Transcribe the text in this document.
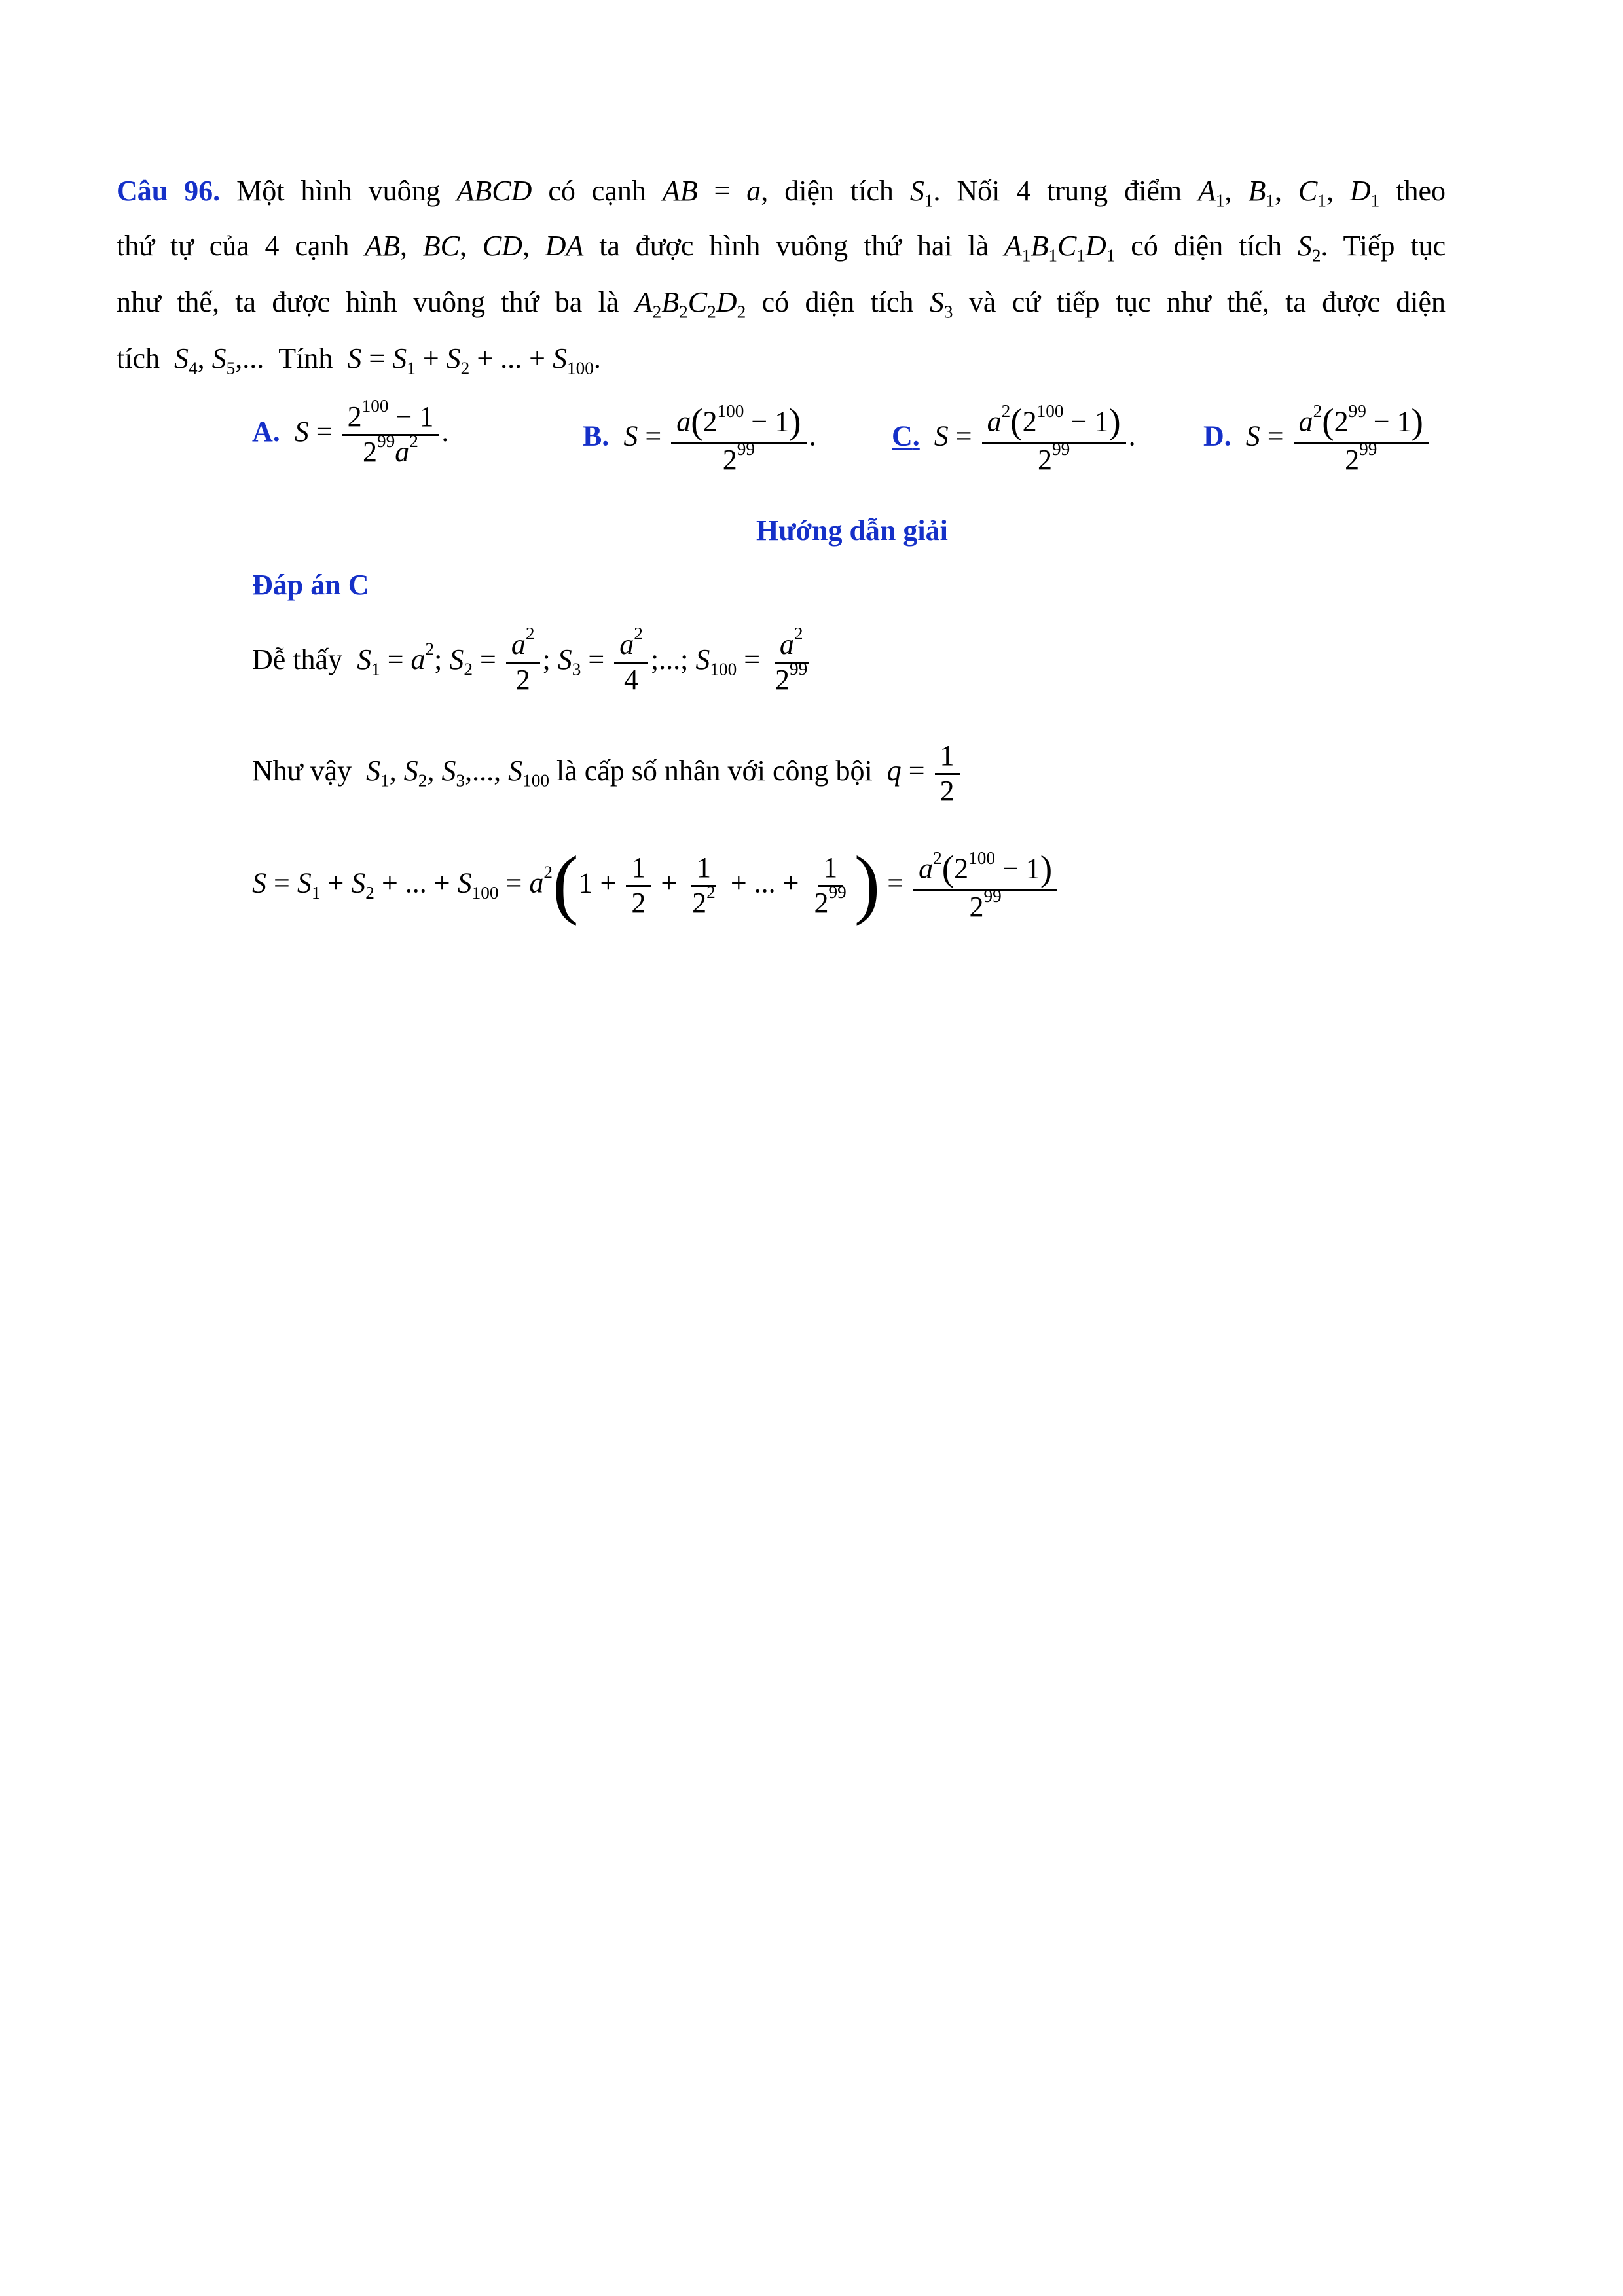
Câu 96. Một hình vuông ABCD có cạnh AB = a, diện tích $S_1$. Nối 4 trung điểm $A_1$, $B_1$, $C_1$, $D_1$ theo
thứ tự của 4 cạnh AB, BC, CD, DA ta được hình vuông thứ hai là $A_1B_1C_1D_1$ có diện tích $S_2$. Tiếp tục
như thế, ta được hình vuông thứ ba là $A_2B_2C_2D_2$ có diện tích $S_3$ và cứ tiếp tục như thế, ta được diện
tích $S_4$, $S_5$,...  Tính $S = S_1 + S_2$ + ... + $S_{100}$.
A. $S = \frac{2^{100} - 1}{2^{99}a^2}$ .	B. $S = \frac{a(2^{100} - 1)}{2^{99}}$ .	C. $S = \frac{a^2(2^{100} - 1)}{2^{99}}$ . D. $S = \frac{a^2(2^{99} - 1)}{2^{99}}$
Hướng dẫn giải
Đáp án C
Dễ thấy $S_1 = a^2$; $S_2 = \frac{a^2}{2}$ ; $S_3 = \frac{a^2}{4}$ ;...; $S_{100} = \frac{a^2}{2^{99}}$
Như vậy $S_1$, $S_2$, $S_3$,..., $S_{100}$ là cấp số nhân với công bội $q = \frac{1}{2}$
$S = S_1 + S_2$ + ... + $S_{100} = a^2(1 + \frac{1}{2} + \frac{1}{2^2}$ + ... + $\frac{1}{2^{99}}$ ) = $\frac{a^2(2^{100} - 1)}{2^{99}}$
